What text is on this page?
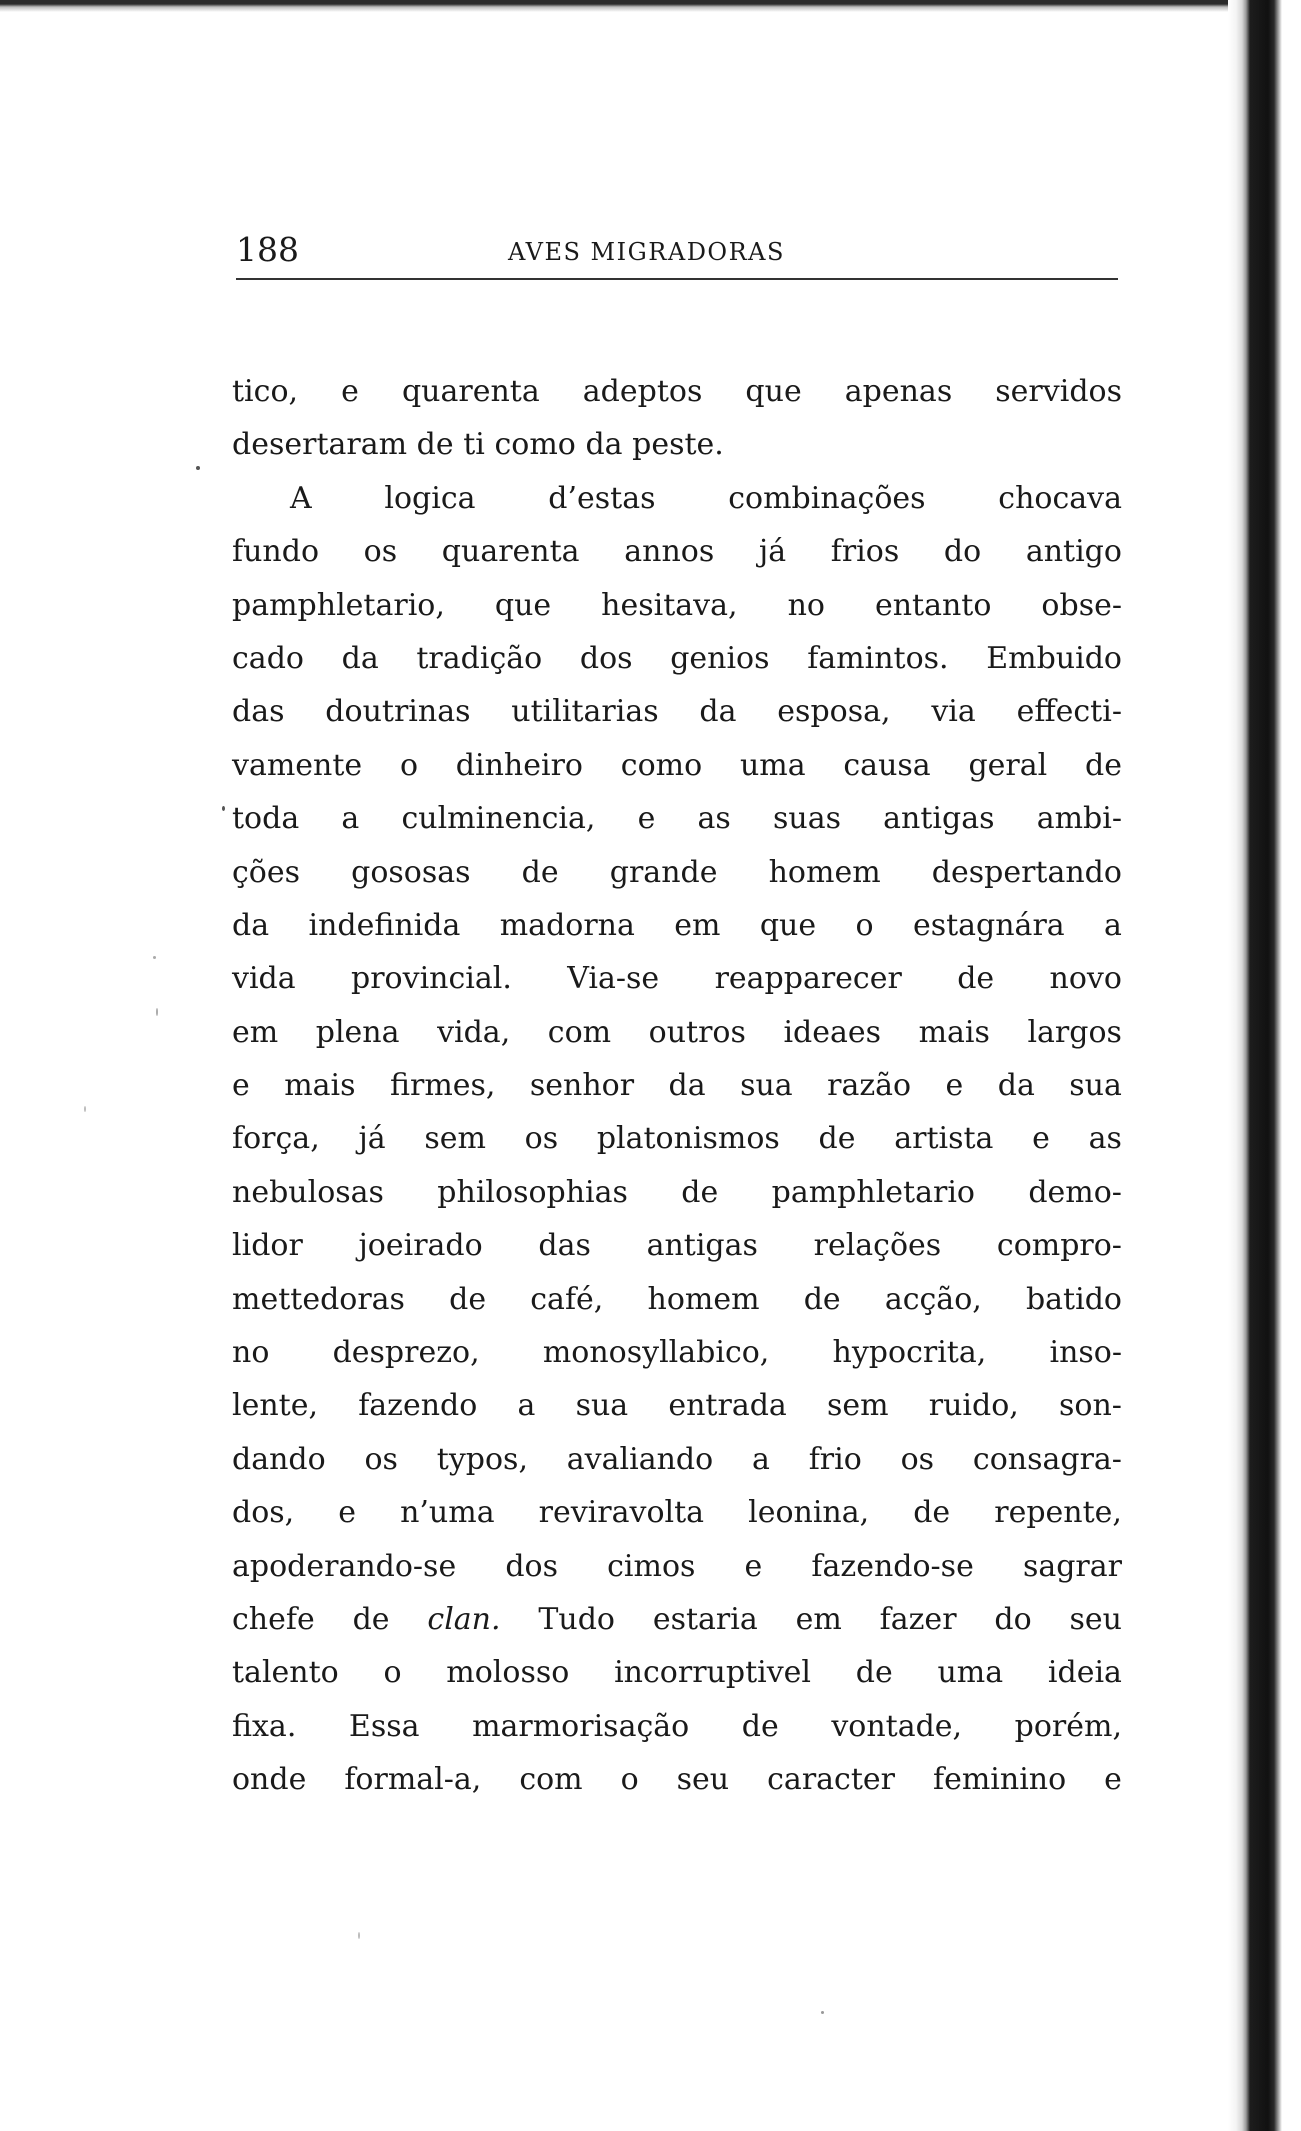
188	AVES MIGRADORAS
tico, e quarenta adeptos que apenas servidos
desertaram de ti como da peste.
A logica d’estas combinações chocava
fundo os quarenta annos já frios do antigo
pamphletario, que hesitava, no entanto obse-
cado da tradição dos genios famintos. Embuido
das doutrinas utilitarias da esposa, via effecti-
vamente o dinheiro como uma causa geral de
toda a culminencia, e as suas antigas ambi-
ções gososas de grande homem despertando
da indefinida madorna em que o estagnára a
vida provincial. Via-se reapparecer de novo
em plena vida, com outros ideaes mais largos
e mais firmes, senhor da sua razão e da sua
força, já sem os platonismos de artista e as
nebulosas philosophias de pamphletario demo-
lidor joeirado das antigas relações compro-
mettedoras de café, homem de acção, batido
no desprezo, monosyllabico, hypocrita, inso-
lente, fazendo a sua entrada sem ruido, son-
dando os typos, avaliando a frio os consagra-
dos, e n’uma reviravolta leonina, de repente,
apoderando-se dos cimos e fazendo-se sagrar
chefe de clan. Tudo estaria em fazer do seu
talento o molosso incorruptivel de uma ideia
fixa. Essa marmorisação de vontade, porém,
onde formal-a, com o seu caracter feminino e
